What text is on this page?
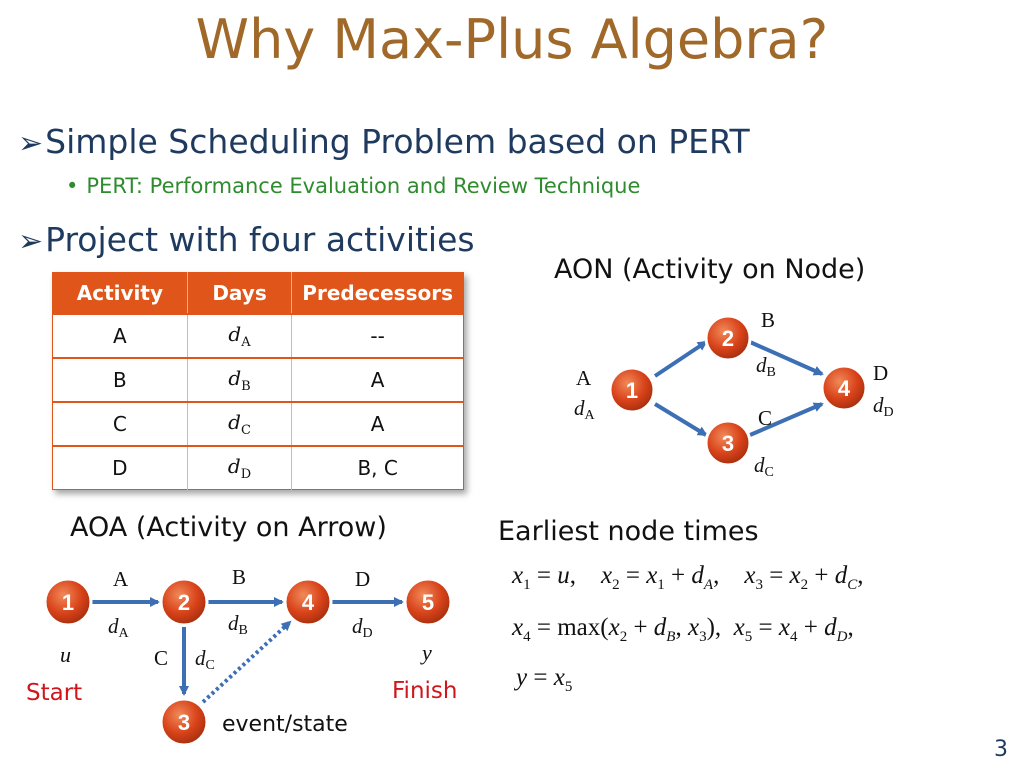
Why Max-Plus Algebra?
➢Simple Scheduling Problem based on PERT
• PERT: Performance Evaluation and Review Technique
➢Project with four activities
Activity	Days	Predecessors
A	$d_A$	--
B	$d_B$	A
C	$d_C$	A
D	$d_D$	B, C
AON (Activity on Node)
1
2
3
4
A
dA
B
dB
C
dC
D
dD
1	2	4	5
3
A
dA
B
dB
D
dD
C dC
u	y
AOA (Activity on Arrow)
Start	Finish
event/state
Earliest node times
$x_1 = u$,    $x_2 = x_1 + d_A$,    $x_3 = x_2 + d_C$,
$x_4 = \max(x_2 + d_B$, $x_3$),  $x_5 = x_4 + d_D$,
$y = x_5$
3
